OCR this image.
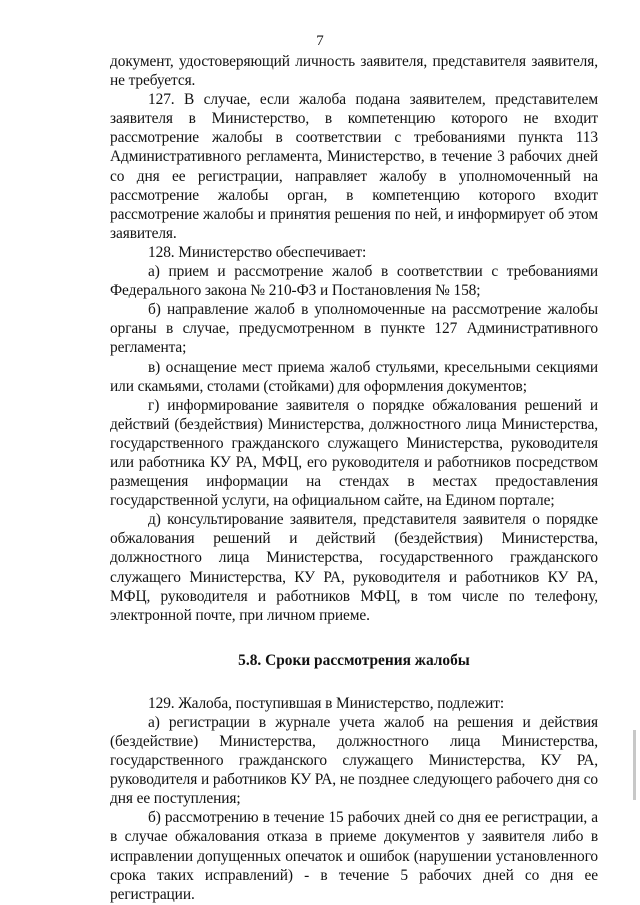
7

документ, удостоверяющий личность заявителя, представителя заявителя, не требуется.

127. В случае, если жалоба подана заявителем, представителем заявителя в Министерство, в компетенцию которого не входит рассмотрение жалобы в соответствии с требованиями пункта 113 Административного регламента, Министерство, в течение 3 рабочих дней со дня ее регистрации, направляет жалобу в уполномоченный на рассмотрение жалобы орган, в компетенцию которого входит рассмотрение жалобы и принятия решения по ней, и информирует об этом заявителя.

128. Министерство обеспечивает:

а) прием и рассмотрение жалоб в соответствии с требованиями Федерального закона № 210-ФЗ и Постановления № 158;

б) направление жалоб в уполномоченные на рассмотрение жалобы органы в случае, предусмотренном в пункте 127 Административного регламента;

в) оснащение мест приема жалоб стульями, кресельными секциями или скамьями, столами (стойками) для оформления документов;

г) информирование заявителя о порядке обжалования решений и действий (бездействия) Министерства, должностного лица Министерства, государственного гражданского служащего Министерства, руководителя или работника КУ РА, МФЦ, его руководителя и работников посредством размещения информации на стендах в местах предоставления государственной услуги, на официальном сайте, на Едином портале;

д) консультирование заявителя, представителя заявителя о порядке обжалования решений и действий (бездействия) Министерства, должностного лица Министерства, государственного гражданского служащего Министерства, КУ РА, руководителя и работников КУ РА, МФЦ, руководителя и работников МФЦ, в том числе по телефону, электронной почте, при личном приеме.

5.8. Сроки рассмотрения жалобы

129. Жалоба, поступившая в Министерство, подлежит:

а) регистрации в журнале учета жалоб на решения и действия (бездействие) Министерства, должностного лица Министерства, государственного гражданского служащего Министерства, КУ РА, руководителя и работников КУ РА, не позднее следующего рабочего дня со дня ее поступления;

б) рассмотрению в течение 15 рабочих дней со дня ее регистрации, а в случае обжалования отказа в приеме документов у заявителя либо в исправлении допущенных опечаток и ошибок (нарушении установленного срока таких исправлений) - в течение 5 рабочих дней со дня ее регистрации.
